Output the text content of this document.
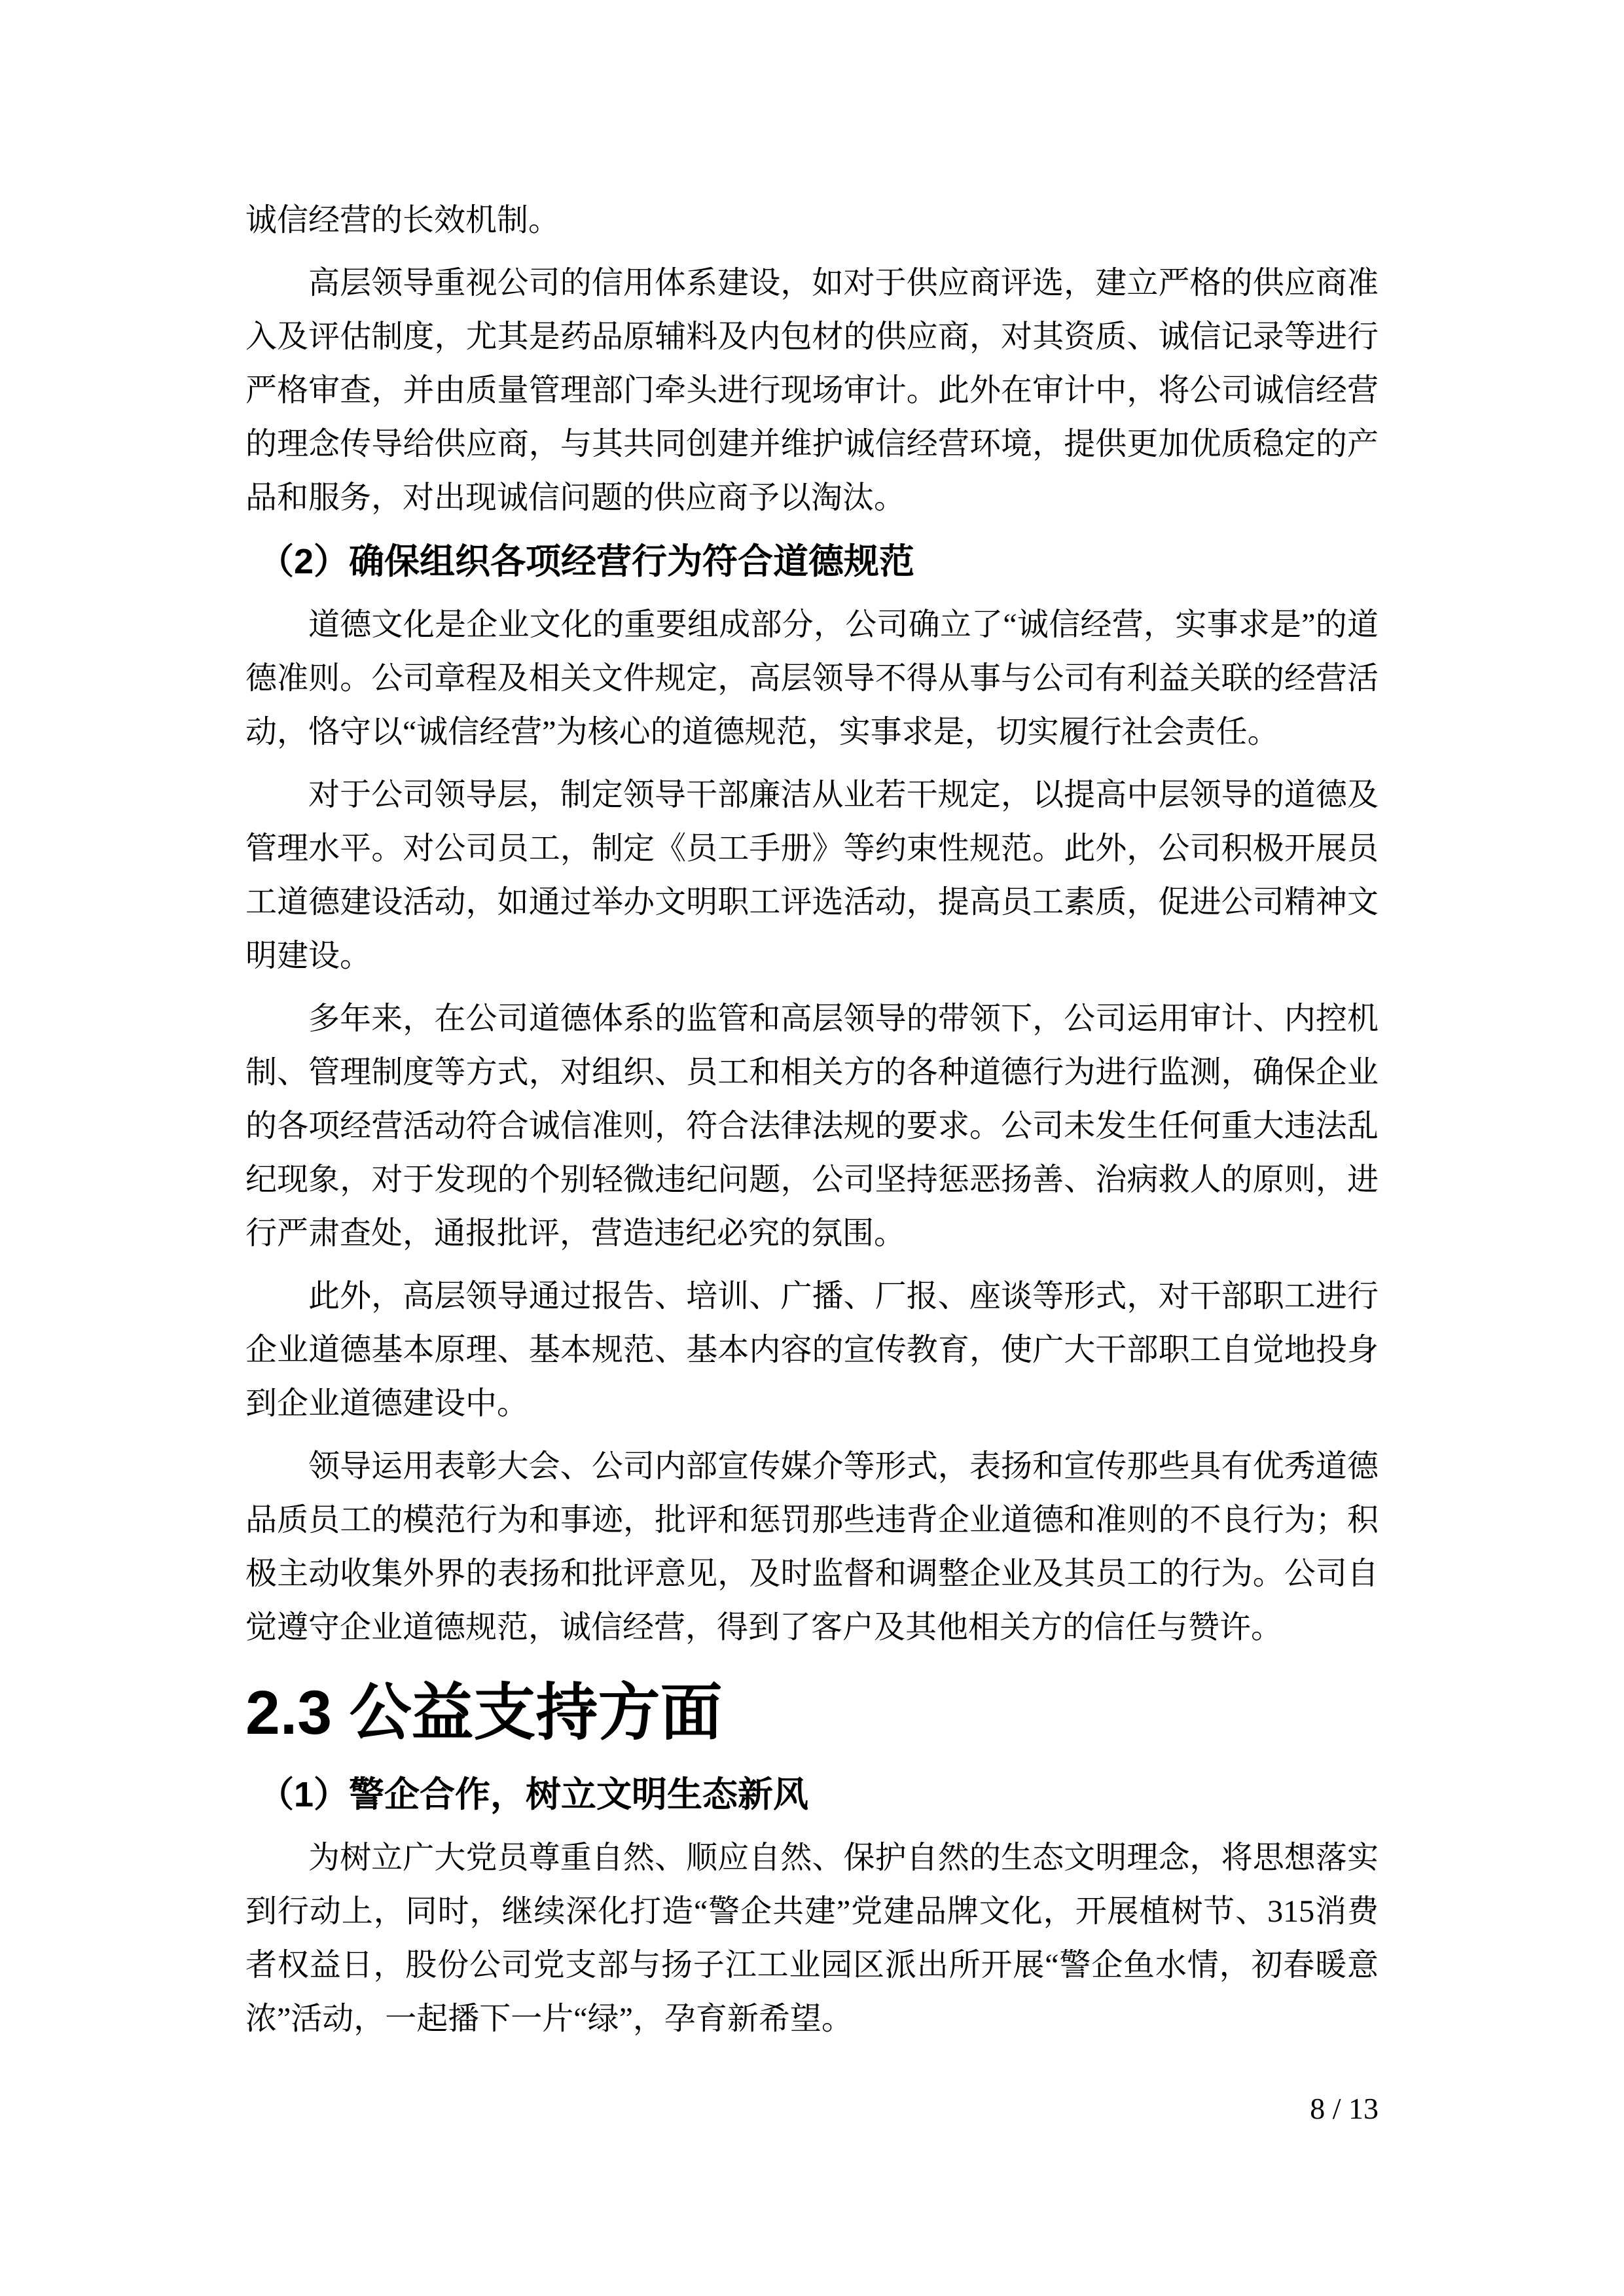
诚信经营的长效机制。

高层领导重视公司的信用体系建设，如对于供应商评选，建立严格的供应商准入及评估制度，尤其是药品原辅料及内包材的供应商，对其资质、诚信记录等进行严格审查，并由质量管理部门牵头进行现场审计。此外在审计中，将公司诚信经营的理念传导给供应商，与其共同创建并维护诚信经营环境，提供更加优质稳定的产品和服务，对出现诚信问题的供应商予以淘汰。

（2）确保组织各项经营行为符合道德规范

道德文化是企业文化的重要组成部分，公司确立了“诚信经营，实事求是”的道德准则。公司章程及相关文件规定，高层领导不得从事与公司有利益关联的经营活动，恪守以“诚信经营”为核心的道德规范，实事求是，切实履行社会责任。

对于公司领导层，制定领导干部廉洁从业若干规定，以提高中层领导的道德及管理水平。对公司员工，制定《员工手册》等约束性规范。此外，公司积极开展员工道德建设活动，如通过举办文明职工评选活动，提高员工素质，促进公司精神文明建设。

多年来，在公司道德体系的监管和高层领导的带领下，公司运用审计、内控机制、管理制度等方式，对组织、员工和相关方的各种道德行为进行监测，确保企业的各项经营活动符合诚信准则，符合法律法规的要求。公司未发生任何重大违法乱纪现象，对于发现的个别轻微违纪问题，公司坚持惩恶扬善、治病救人的原则，进行严肃查处，通报批评，营造违纪必究的氛围。

此外，高层领导通过报告、培训、广播、厂报、座谈等形式，对干部职工进行企业道德基本原理、基本规范、基本内容的宣传教育，使广大干部职工自觉地投身到企业道德建设中。

领导运用表彰大会、公司内部宣传媒介等形式，表扬和宣传那些具有优秀道德品质员工的模范行为和事迹，批评和惩罚那些违背企业道德和准则的不良行为；积极主动收集外界的表扬和批评意见，及时监督和调整企业及其员工的行为。公司自觉遵守企业道德规范，诚信经营，得到了客户及其他相关方的信任与赞许。

2.3 公益支持方面
（1）警企合作，树立文明生态新风

为树立广大党员尊重自然、顺应自然、保护自然的生态文明理念，将思想落实到行动上，同时，继续深化打造“警企共建”党建品牌文化，开展植树节、315消费者权益日，股份公司党支部与扬子江工业园区派出所开展“警企鱼水情，初春暖意浓”活动，一起播下一片“绿”，孕育新希望。

8 / 13
